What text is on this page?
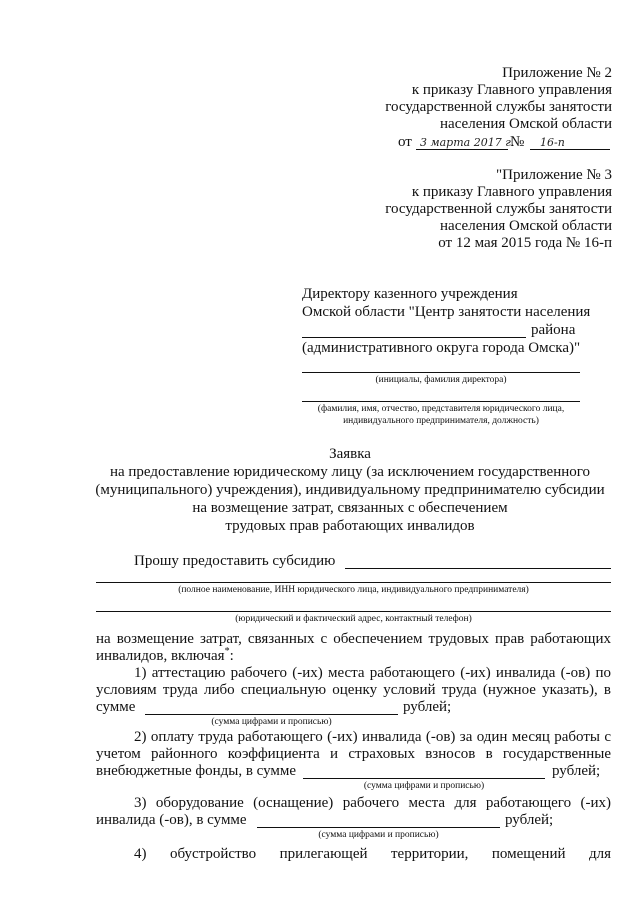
Приложение № 2
к приказу Главного управления
государственной службы занятости
населения Омской области
от 3 марта 2017 г.
№ 16-п
"Приложение № 3
к приказу Главного управления
государственной службы занятости
населения Омской области
от 12 мая 2015 года № 16-п
Директору казенного учреждения
Омской области "Центр занятости населения
района
(административного округа города Омска)"
(инициалы, фамилия директора)
(фамилия, имя, отчество, представителя юридического лица,
индивидуального предпринимателя, должность)
Заявка
на предоставление юридическому лицу (за исключением государственного
(муниципального) учреждения), индивидуальному предпринимателю субсидии
на возмещение затрат, связанных с обеспечением
трудовых прав работающих инвалидов
Прошу предоставить субсидию
(полное наименование, ИНН юридического лица, индивидуального предпринимателя)
(юридический и фактический адрес, контактный телефон)
на возмещение затрат, связанных с обеспечением трудовых прав работающих
инвалидов, включая*:
1) аттестацию рабочего (-их) места работающего (-их) инвалида (-ов) по
условиям труда либо специальную оценку условий труда (нужное указать), в
сумме	рублей;
(сумма цифрами и прописью)
2) оплату труда работающего (-их) инвалида (-ов) за один месяц работы с
учетом районного коэффициента и страховых взносов в государственные
внебюджетные фонды, в сумме	рублей;
(сумма цифрами и прописью)
3) оборудование (оснащение) рабочего места для работающего (-их)
инвалида (-ов), в сумме	рублей;
(сумма цифрами и прописью)
4) обустройство прилегающей территории, помещений для
